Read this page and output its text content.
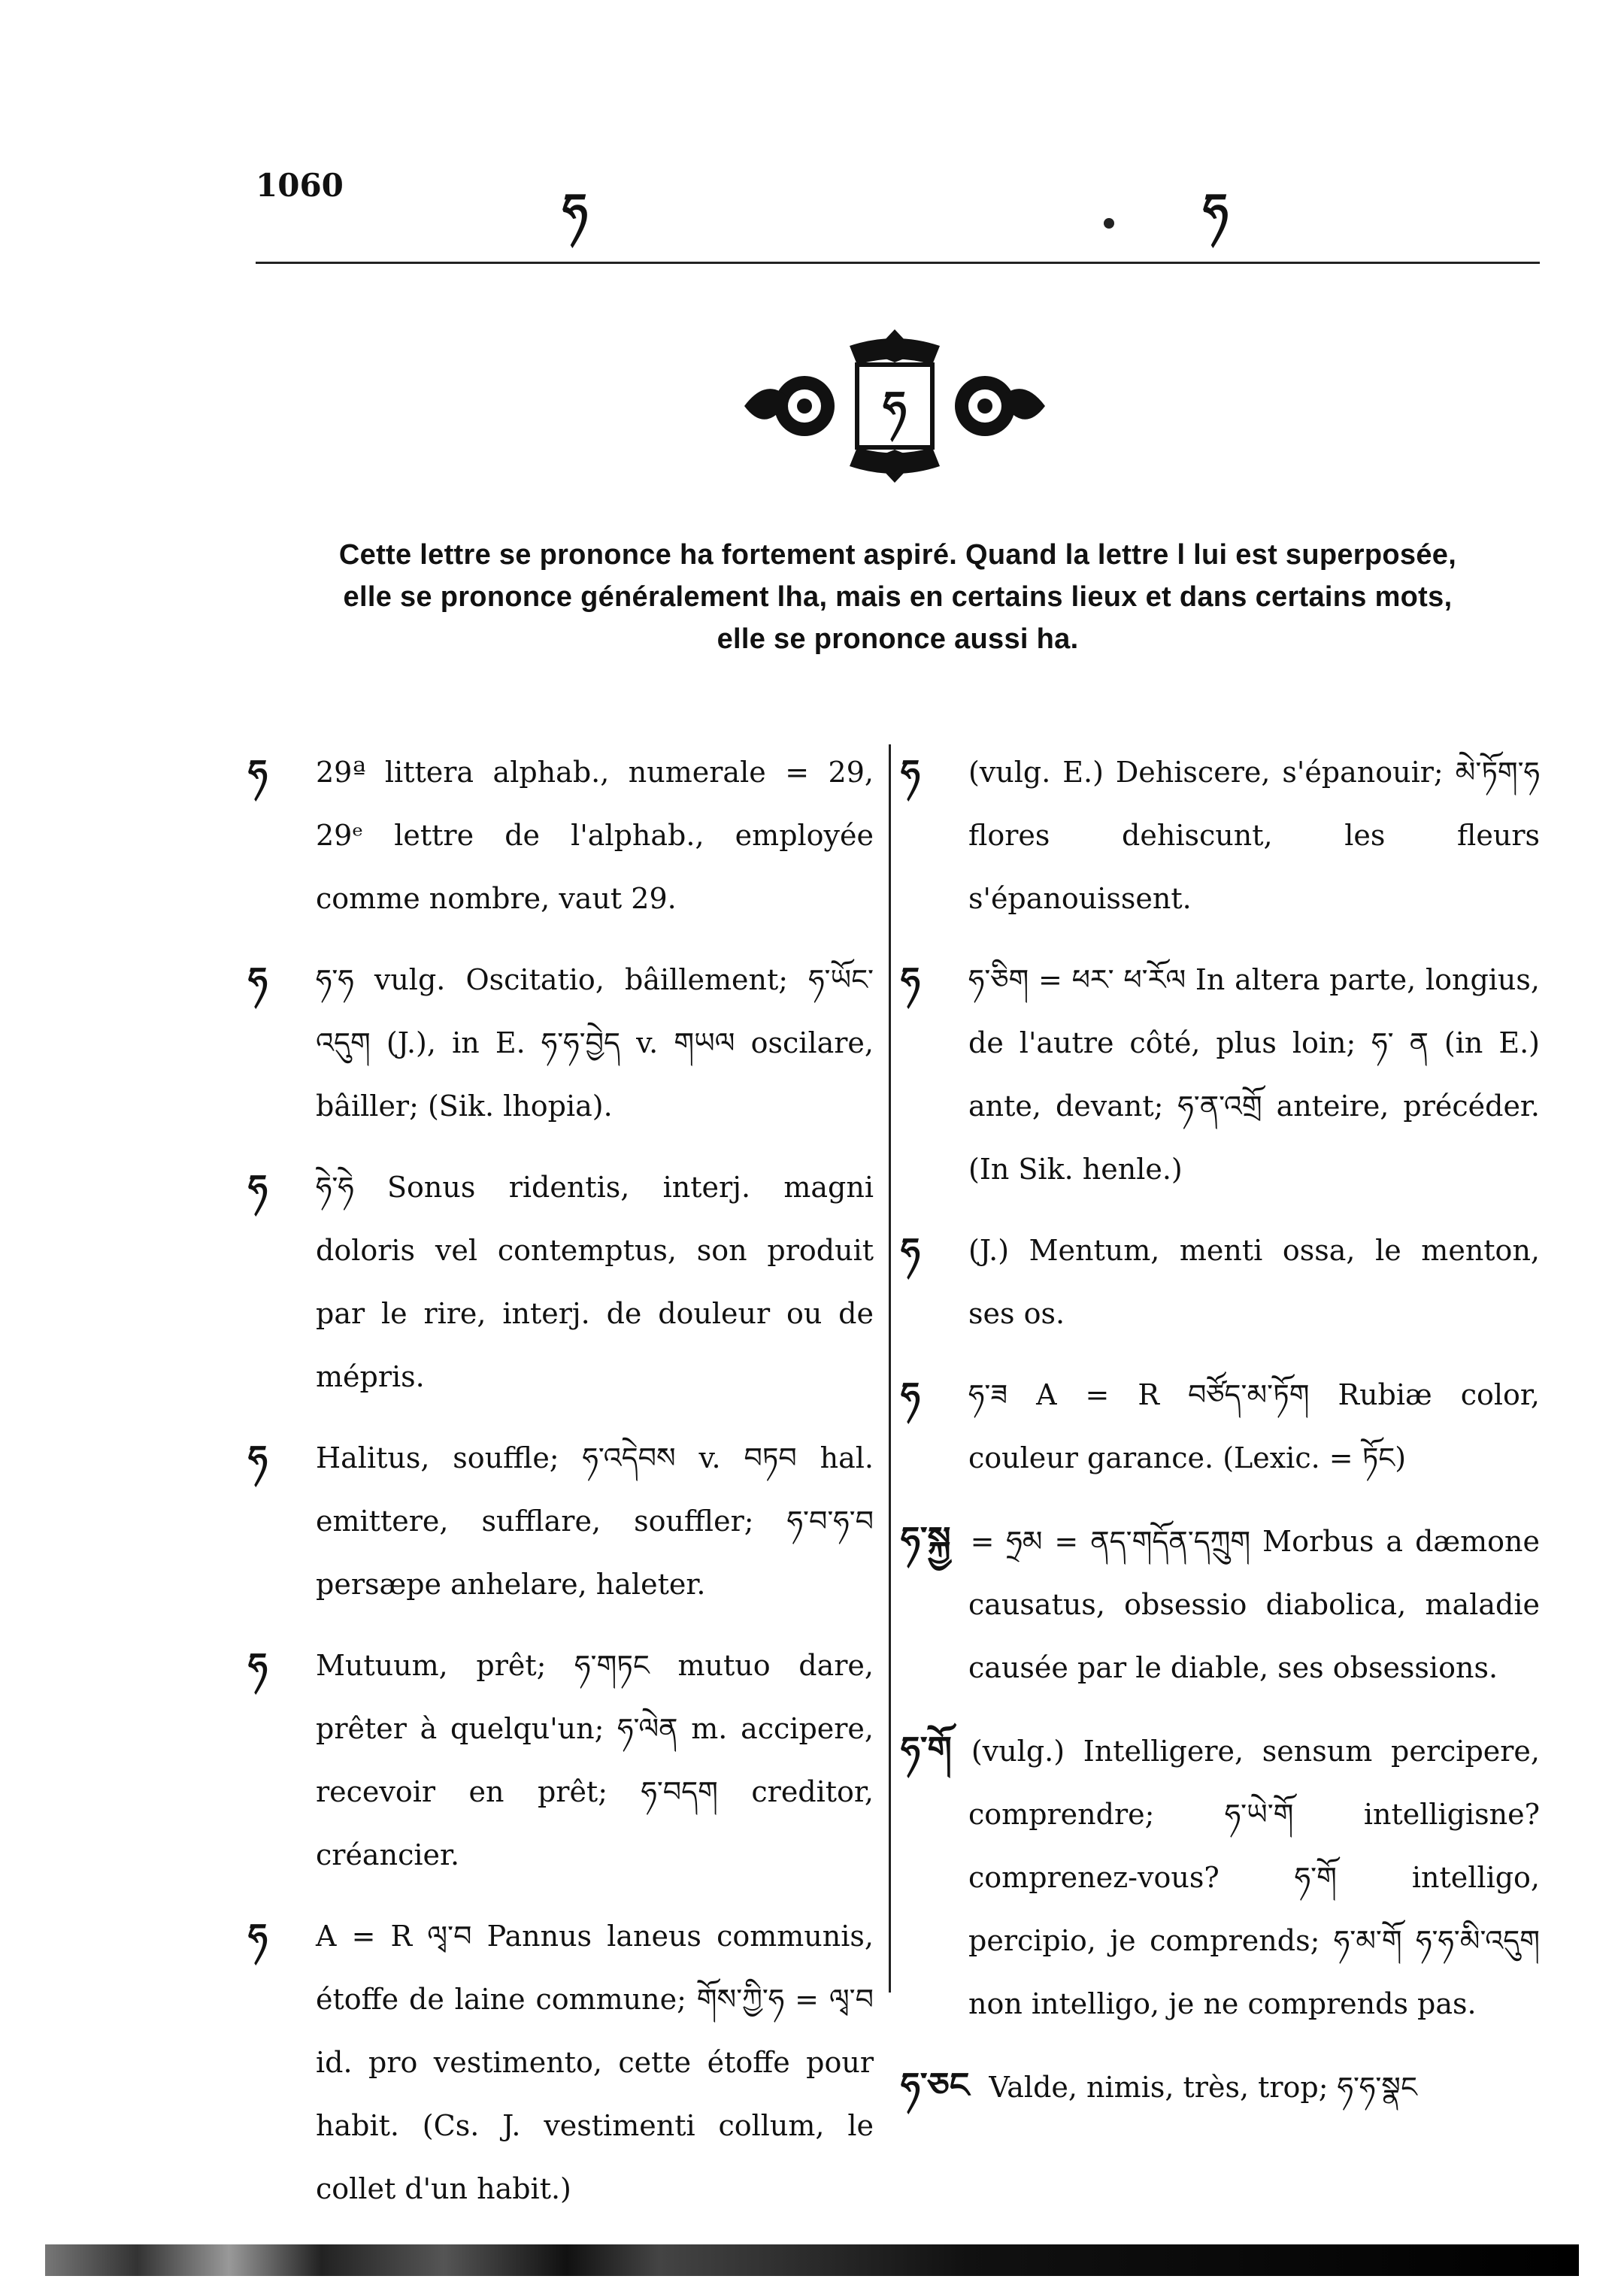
1060	ཧ	ཧ
ཧ
Cette lettre se prononce ha fortement aspiré. Quand la lettre l lui est superposée,
elle se prononce généralement lha, mais en certains lieux et dans certains mots,
elle se prononce aussi ha.
ཧ 29ª littera alphab., numerale = 29, 29ᵉ lettre de l'alphab., employée comme nombre, vaut 29.
ཧ ཧ་ཧ vulg. Oscitatio, bâillement; ཧ་ཡོང་ འདུག (J.), in E. ཧ་ཧ་བྱེད v. གཡལ oscilare, bâiller; (Sik. lhopia).
ཧ ཧེ་ཧེ Sonus ridentis, interj. magni doloris vel contemptus, son produit par le rire, interj. de douleur ou de mépris.
ཧ Halitus, souffle; ཧ་འདེབས v. བཏབ hal. emittere, sufflare, souffler; ཧ་བ་ཧ་བ persæpe anhelare, haleter.
ཧ Mutuum, prêt; ཧ་གཏང mutuo dare, prêter à quelqu'un; ཧ་ལེན m. accipere, recevoir en prêt; ཧ་བདག creditor, créancier.
ཧ A = R ལྭ་བ Pannus laneus communis, étoffe de laine commune; གོས་ཀྱི་ཧ = ལྭ་བ id. pro vestimento, cette étoffe pour habit. (Cs. J. vestimenti collum, le collet d'un habit.)
ཧ (vulg. E.) Dehiscere, s'épanouir; མེ་ཏོག་ཧ flores dehiscunt, les fleurs s'épanouissent.
ཧ ཧ་ཅིག = ཕར་ ཕ་རོལ In altera parte, longius, de l'autre côté, plus loin; ཧ་ ན (in E.) ante, devant; ཧ་ན་འགྲོ anteire, précéder. (In Sik. henle.)
ཧ (J.) Mentum, menti ossa, le menton, ses os.
ཧ ཧ་ཟ A = R བཙོད་མ་ཏོག Rubiæ color, couleur garance. (Lexic. = ཏོང)
ཧ་སྐྱ = ཧྲམ = ནད་གདོན་དཀྲུག Morbus a dæmone causatus, obsessio diabolica, maladie causée par le diable, ses obsessions.
ཧ་གོ (vulg.) Intelligere, sensum percipere, comprendre; ཧ་ཡེ་གོ intelligisne? comprenez-vous? ཧ་གོ intelligo, percipio, je comprends; ཧ་མ་གོ ཧ་ཧ་མི་འདུག non intelligo, je ne comprends pas.
ཧ་ཅང Valde, nimis, très, trop; ཧ་ཧ་སྣང
